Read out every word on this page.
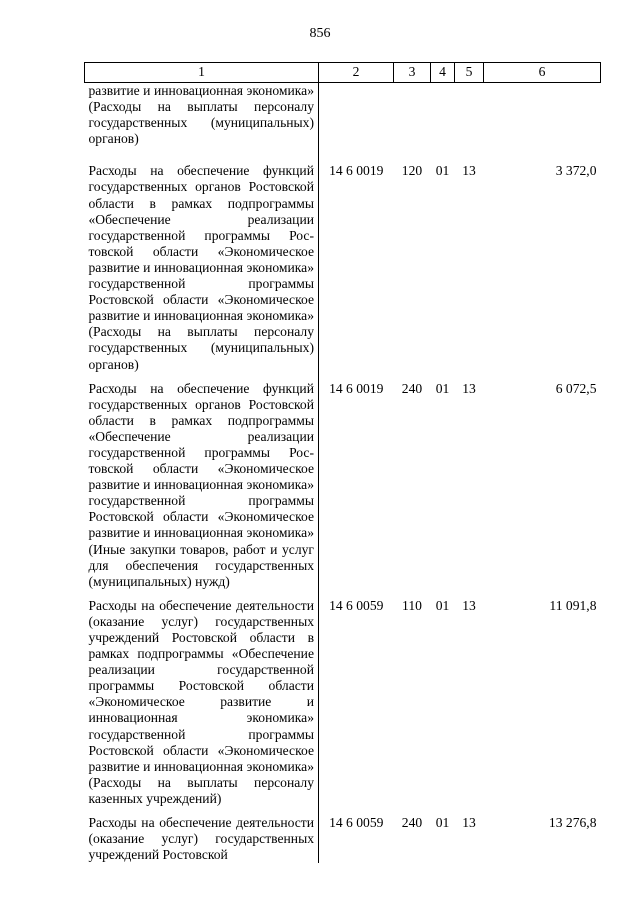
856
1	2	3	4	5	6
развитие и инновационная экономика» (Расходы на выплаты персоналу государственных (муниципальных) органов)					
Расходы на обеспечение функций государственных органов Ростовской области в рамках подпрограммы «Обеспечение реализации государственной программы Ростовской области «Экономическое развитие и инновационная экономика» государственной программы Ростовской области «Экономическое развитие и инновационная экономика» (Расходы на выплаты персоналу государственных (муниципальных) органов)	14 6 0019	120	01	13	3 372,0
Расходы на обеспечение функций государственных органов Ростовской области в рамках подпрограммы «Обеспечение реализации государственной программы Ростовской области «Экономическое развитие и инновационная экономика» государственной программы Ростовской области «Экономическое развитие и инновационная экономика» (Иные закупки товаров, работ и услуг для обеспечения государственных (муниципальных) нужд)	14 6 0019	240	01	13	6 072,5
Расходы на обеспечение деятельности (оказание услуг) государственных учреждений Ростовской области в рамках подпрограммы «Обеспечение реализации государственной программы Ростовской области «Экономическое развитие и инновационная экономика» государственной программы Ростовской области «Экономическое развитие и инновационная экономика» (Расходы на выплаты персоналу казенных учреждений)	14 6 0059	110	01	13	11 091,8
Расходы на обеспечение деятельности (оказание услуг) государственных учреждений Ростовской	14 6 0059	240	01	13	13 276,8
